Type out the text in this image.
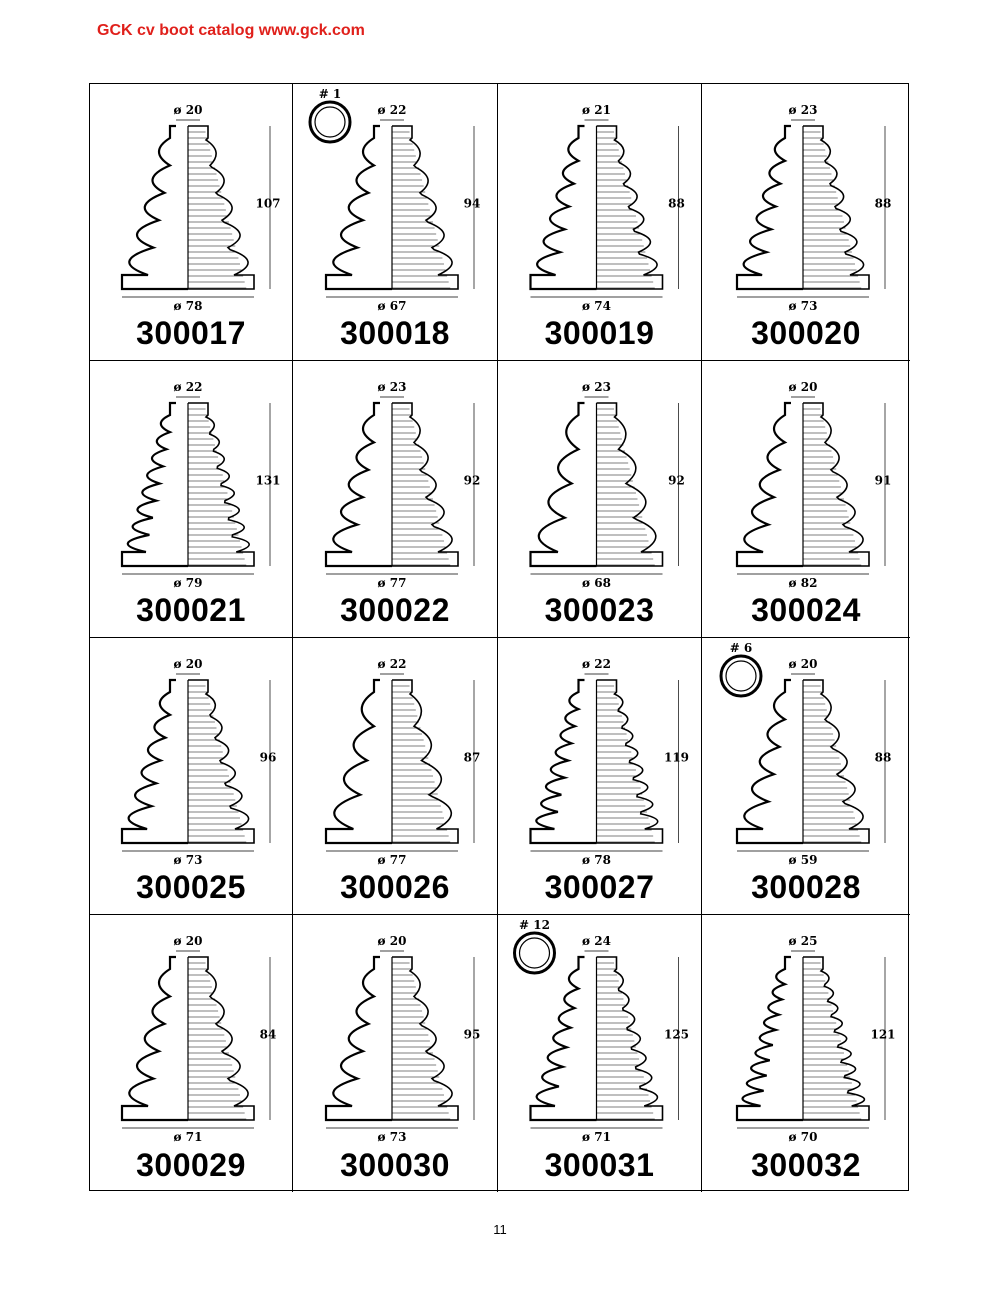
GCK cv boot catalog www.gck.com
ø 20
ø 78
107
300017
ø 22
ø 67
94
# 1
300018
ø 21
ø 74
88
300019
ø 23
ø 73
88
300020
ø 22
ø 79
131
300021
ø 23
ø 77
92
300022
ø 23
ø 68
92
300023
ø 20
ø 82
91
300024
ø 20
ø 73
96
300025
ø 22
ø 77
87
300026
ø 22
ø 78
119
300027
ø 20
ø 59
88
# 6
300028
ø 20
ø 71
84
300029
ø 20
ø 73
95
300030
ø 24
ø 71
125
# 12
300031
ø 25
ø 70
121
300032
11
